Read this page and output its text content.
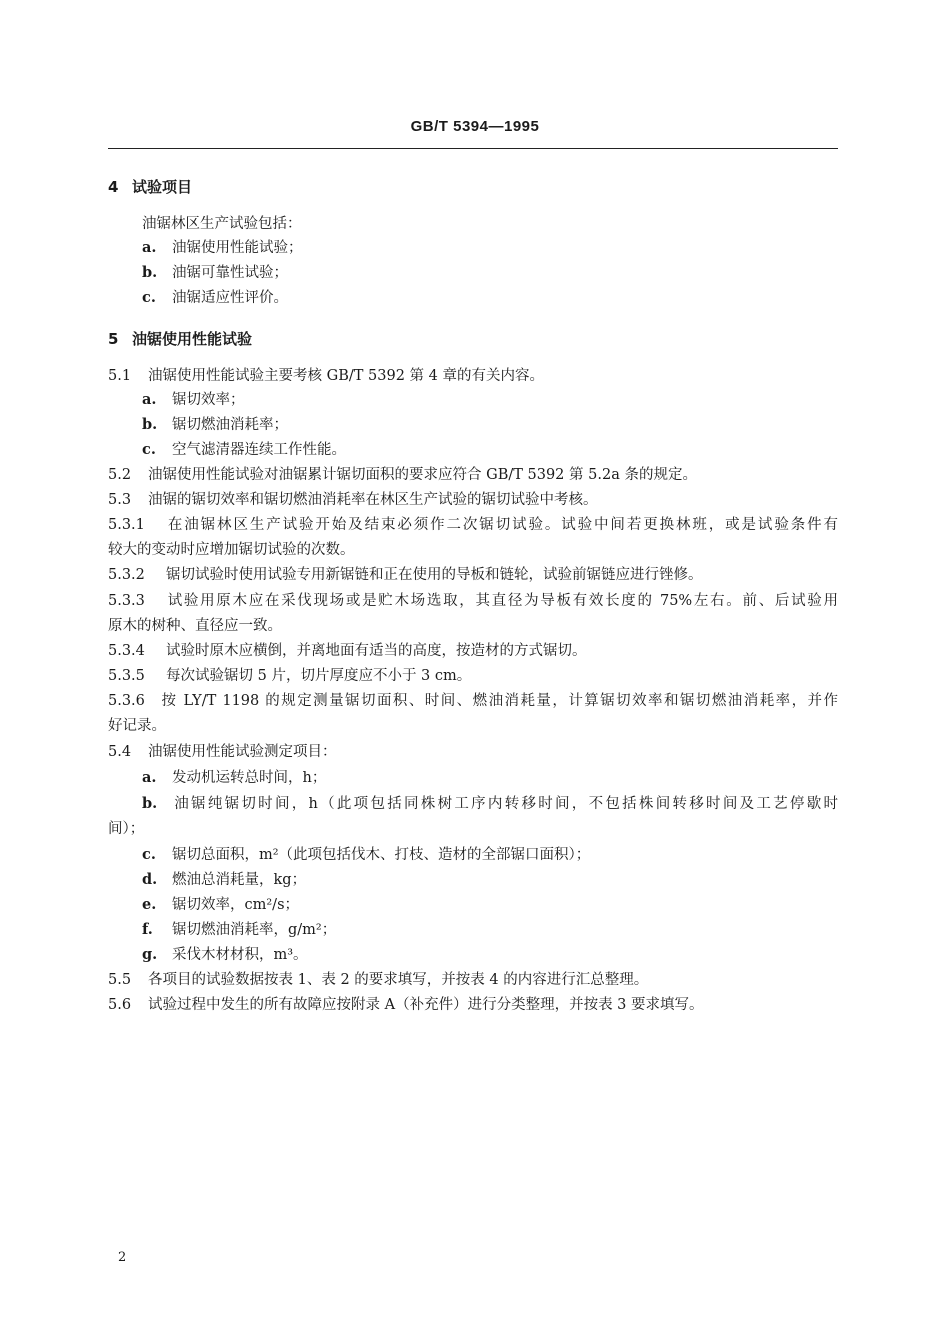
GB/T 5394—1995
4 试验项目
油锯林区生产试验包括：
a. 油锯使用性能试验；
b. 油锯可靠性试验；
c. 油锯适应性评价。
5 油锯使用性能试验
5.1 油锯使用性能试验主要考核 GB/T 5392 第 4 章的有关内容。
a. 锯切效率；
b. 锯切燃油消耗率；
c. 空气滤清器连续工作性能。
5.2 油锯使用性能试验对油锯累计锯切面积的要求应符合 GB/T 5392 第 5.2a 条的规定。
5.3 油锯的锯切效率和锯切燃油消耗率在林区生产试验的锯切试验中考核。
5.3.1 在油锯林区生产试验开始及结束必须作二次锯切试验。试验中间若更换林班，或是试验条件有
较大的变动时应增加锯切试验的次数。
5.3.2 锯切试验时使用试验专用新锯链和正在使用的导板和链轮，试验前锯链应进行锉修。
5.3.3 试验用原木应在采伐现场或是贮木场选取，其直径为导板有效长度的 75%左右。前、后试验用
原木的树种、直径应一致。
5.3.4 试验时原木应横倒，并离地面有适当的高度，按造材的方式锯切。
5.3.5 每次试验锯切 5 片，切片厚度应不小于 3 cm。
5.3.6 按 LY/T 1198 的规定测量锯切面积、时间、燃油消耗量，计算锯切效率和锯切燃油消耗率，并作
好记录。
5.4 油锯使用性能试验测定项目：
a. 发动机运转总时间，h；
b. 油锯纯锯切时间，h（此项包括同株树工序内转移时间，不包括株间转移时间及工艺停歇时
间）；
c. 锯切总面积，m²（此项包括伐木、打枝、造材的全部锯口面积）；
d. 燃油总消耗量，kg；
e. 锯切效率，cm²/s；
f. 锯切燃油消耗率，g/m²；
g. 采伐木材材积，m³。
5.5 各项目的试验数据按表 1、表 2 的要求填写，并按表 4 的内容进行汇总整理。
5.6 试验过程中发生的所有故障应按附录 A（补充件）进行分类整理，并按表 3 要求填写。
2
